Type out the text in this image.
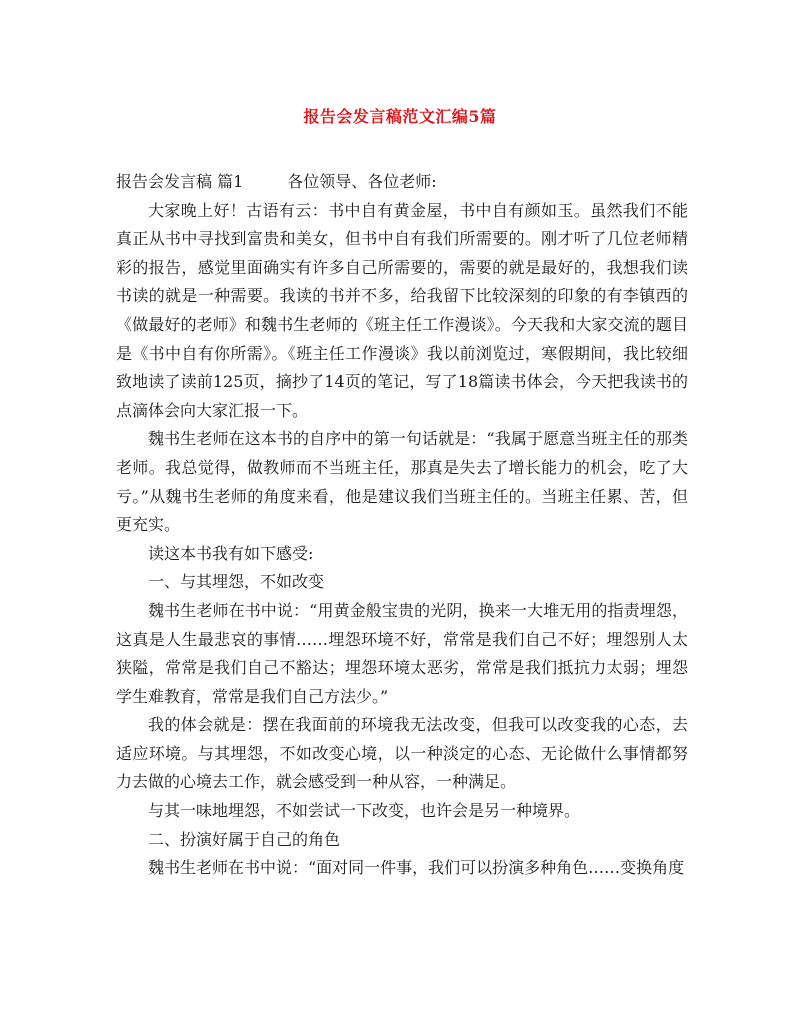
报告会发言稿范文汇编5篇

报告会发言稿 篇1	各位领导、各位老师:

大家晚上好！古语有云：书中自有黄金屋，书中自有颜如玉。虽然我们不能真正从书中寻找到富贵和美女，但书中自有我们所需要的。刚才听了几位老师精彩的报告，感觉里面确实有许多自己所需要的，需要的就是最好的，我想我们读书读的就是一种需要。我读的书并不多，给我留下比较深刻的印象的有李镇西的《做最好的老师》和魏书生老师的《班主任工作漫谈》。今天我和大家交流的题目是《书中自有你所需》。《班主任工作漫谈》我以前浏览过，寒假期间，我比较细致地读了读前125页，摘抄了14页的笔记，写了18篇读书体会，今天把我读书的点滴体会向大家汇报一下。

魏书生老师在这本书的自序中的第一句话就是：“我属于愿意当班主任的那类老师。我总觉得，做教师而不当班主任，那真是失去了增长能力的机会，吃了大亏。”从魏书生老师的角度来看，他是建议我们当班主任的。当班主任累、苦，但更充实。

读这本书我有如下感受:

一、与其埋怨，不如改变

魏书生老师在书中说：“用黄金般宝贵的光阴，换来一大堆无用的指责埋怨，这真是人生最悲哀的事情……埋怨环境不好，常常是我们自己不好；埋怨别人太狭隘，常常是我们自己不豁达；埋怨环境太恶劣，常常是我们抵抗力太弱；埋怨学生难教育，常常是我们自己方法少。”

我的体会就是：摆在我面前的环境我无法改变，但我可以改变我的心态，去适应环境。与其埋怨，不如改变心境，以一种淡定的心态、无论做什么事情都努力去做的心境去工作，就会感受到一种从容，一种满足。

与其一味地埋怨，不如尝试一下改变，也许会是另一种境界。

二、扮演好属于自己的角色

魏书生老师在书中说：“面对同一件事，我们可以扮演多种角色……变换角度
